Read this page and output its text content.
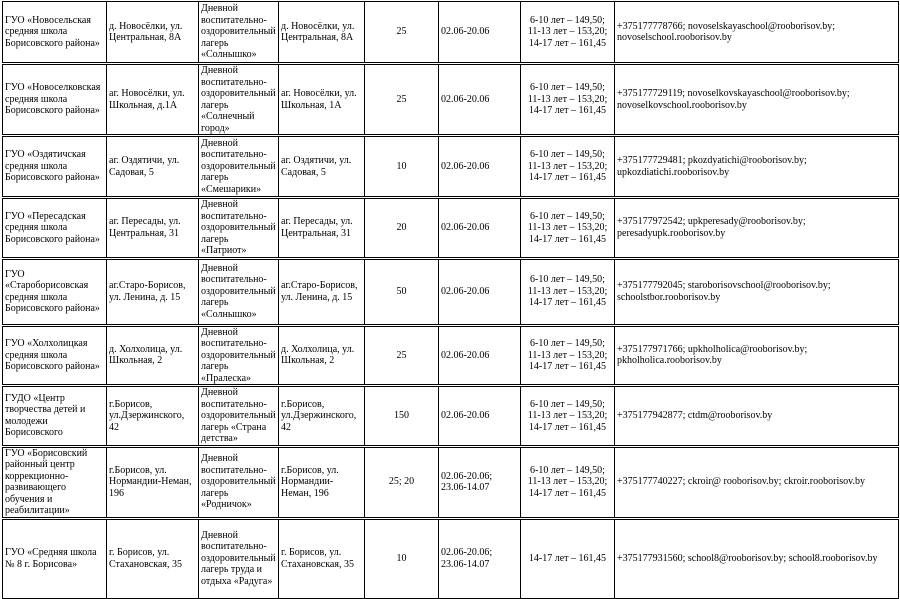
ГУО «Новосельская средняя школа Борисовского района»	д. Новосёлки, ул. Центральная, 8А	Дневной воспитательно-оздоровительный лагерь «Солнышко»	д. Новосёлки, ул. Центральная, 8А	25	02.06-20.06	6-10 лет – 149,50; 11-13 лет – 153,20; 14-17 лет – 161,45	+375177778766; novoselskayaschool@rooborisov.by; novoselschool.rooborisov.by
ГУО «Новоселковская средняя школа Борисовского района»	аг. Новосёлки, ул. Школьная, д.1А	Дневной воспитательно-оздоровительный лагерь «Солнечный город»	аг. Новосёлки, ул. Школьная, 1А	25	02.06-20.06	6-10 лет – 149,50; 11-13 лет – 153,20; 14-17 лет – 161,45	+375177729119; novoselkovskayaschool@rooborisov.by; novoselkovschool.rooborisov.by
ГУО «Оздятичская средняя школа Борисовского района»	аг. Оздятичи, ул. Садовая, 5	Дневной воспитательно-оздоровительный лагерь «Смешарики»	аг. Оздятичи, ул. Садовая, 5	10	02.06-20.06	6-10 лет – 149,50; 11-13 лет – 153,20; 14-17 лет – 161,45	+375177729481; pkozdyatichi@rooborisov.by; upkozdiatichi.rooborisov.by
ГУО «Пересадская средняя школа Борисовского района»	аг. Пересады, ул. Центральная, 31	Дневной воспитательно-оздоровительный лагерь «Патриот»	аг. Пересады, ул. Центральная, 31	20	02.06-20.06	6-10 лет – 149,50; 11-13 лет – 153,20; 14-17 лет – 161,45	+375177972542; upkperesady@rooborisov.by; peresadyupk.rooborisov.by
ГУО «Староборисовская средняя школа Борисовского района»	аг.Старо-Борисов, ул. Ленина, д. 15	Дневной воспитательно-оздоровительный лагерь «Солнышко»	аг.Старо-Борисов, ул. Ленина, д. 15	50	02.06-20.06	6-10 лет – 149,50; 11-13 лет – 153,20; 14-17 лет – 161,45	+375177792045; staroborisovschool@rooborisov.by; schoolstbor.rooborisov.by
ГУО «Холхолицкая средняя школа Борисовского района»	д. Холхолица, ул. Школьная, 2	Дневной воспитательно-оздоровительный лагерь «Пралеска»	д. Холхолица, ул. Школьная, 2	25	02.06-20.06	6-10 лет – 149,50; 11-13 лет – 153,20; 14-17 лет – 161,45	+375177971766; upkholholica@rooborisov.by; pkholholica.rooborisov.by
ГУДО «Центр творчества детей и молодежи Борисовского	г.Борисов, ул.Дзержинского, 42	Дневной воспитательно-оздоровительный лагерь «Страна детства»	г.Борисов, ул.Дзержинского, 42	150	02.06-20.06	6-10 лет – 149,50; 11-13 лет – 153,20; 14-17 лет – 161,45	+375177942877; ctdm@rooborisov.by
ГУО «Борисовский районный центр коррекционно-развивающего обучения и реабилитации»	г.Борисов, ул. Нормандии-Неман, 196	Дневной воспитательно-оздоровительный лагерь «Родничок»	г.Борисов, ул. Нормандии-Неман, 196	25; 20	02.06-20.06; 23.06-14.07	6-10 лет – 149,50; 11-13 лет – 153,20; 14-17 лет – 161,45	+375177740227; ckroir@ rooborisov.by; ckroir.rooborisov.by
ГУО «Средняя школа № 8 г. Борисова»	г. Борисов, ул. Стахановская, 35	Дневной воспитательно-оздоровительный лагерь труда и отдыха «Радуга»	г. Борисов, ул. Стахановская, 35	10	02.06-20.06; 23.06-14.07	14-17 лет – 161,45	+375177931560; school8@rooborisov.by; school8.rooborisov.by
